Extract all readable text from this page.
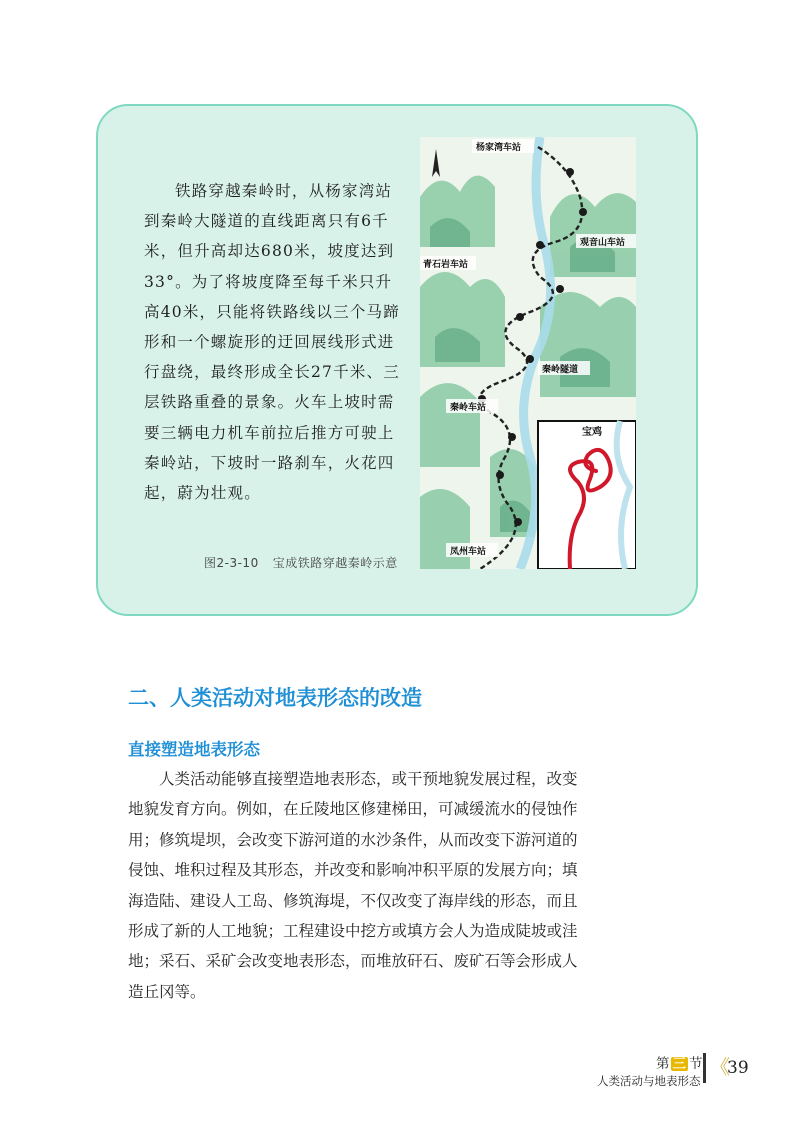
铁路穿越秦岭时，从杨家湾站到秦岭大隧道的直线距离只有6千米，但升高却达680米，坡度达到33°。为了将坡度降至每千米只升高40米，只能将铁路线以三个马蹄形和一个螺旋形的迂回展线形式进行盘绕，最终形成全长27千米、三层铁路重叠的景象。火车上坡时需要三辆电力机车前拉后推方可驶上秦岭站，下坡时一路刹车，火花四起，蔚为壮观。

杨家湾车站
观音山车站
青石岩车站
秦岭隧道
秦岭车站
凤州车站
宝鸡
图2-3-10 宝成铁路穿越秦岭示意
二、人类活动对地表形态的改造
直接塑造地表形态

人类活动能够直接塑造地表形态，或干预地貌发展过程，改变地貌发育方向。例如，在丘陵地区修建梯田，可减缓流水的侵蚀作用；修筑堤坝，会改变下游河道的水沙条件，从而改变下游河道的侵蚀、堆积过程及其形态，并改变和影响冲积平原的发展方向；填海造陆、建设人工岛、修筑海堤，不仅改变了海岸线的形态，而且形成了新的人工地貌；工程建设中挖方或填方会人为造成陡坡或洼地；采石、采矿会改变地表形态，而堆放矸石、废矿石等会形成人造丘冈等。

第 三 节
人类活动与地表形态
《
39
